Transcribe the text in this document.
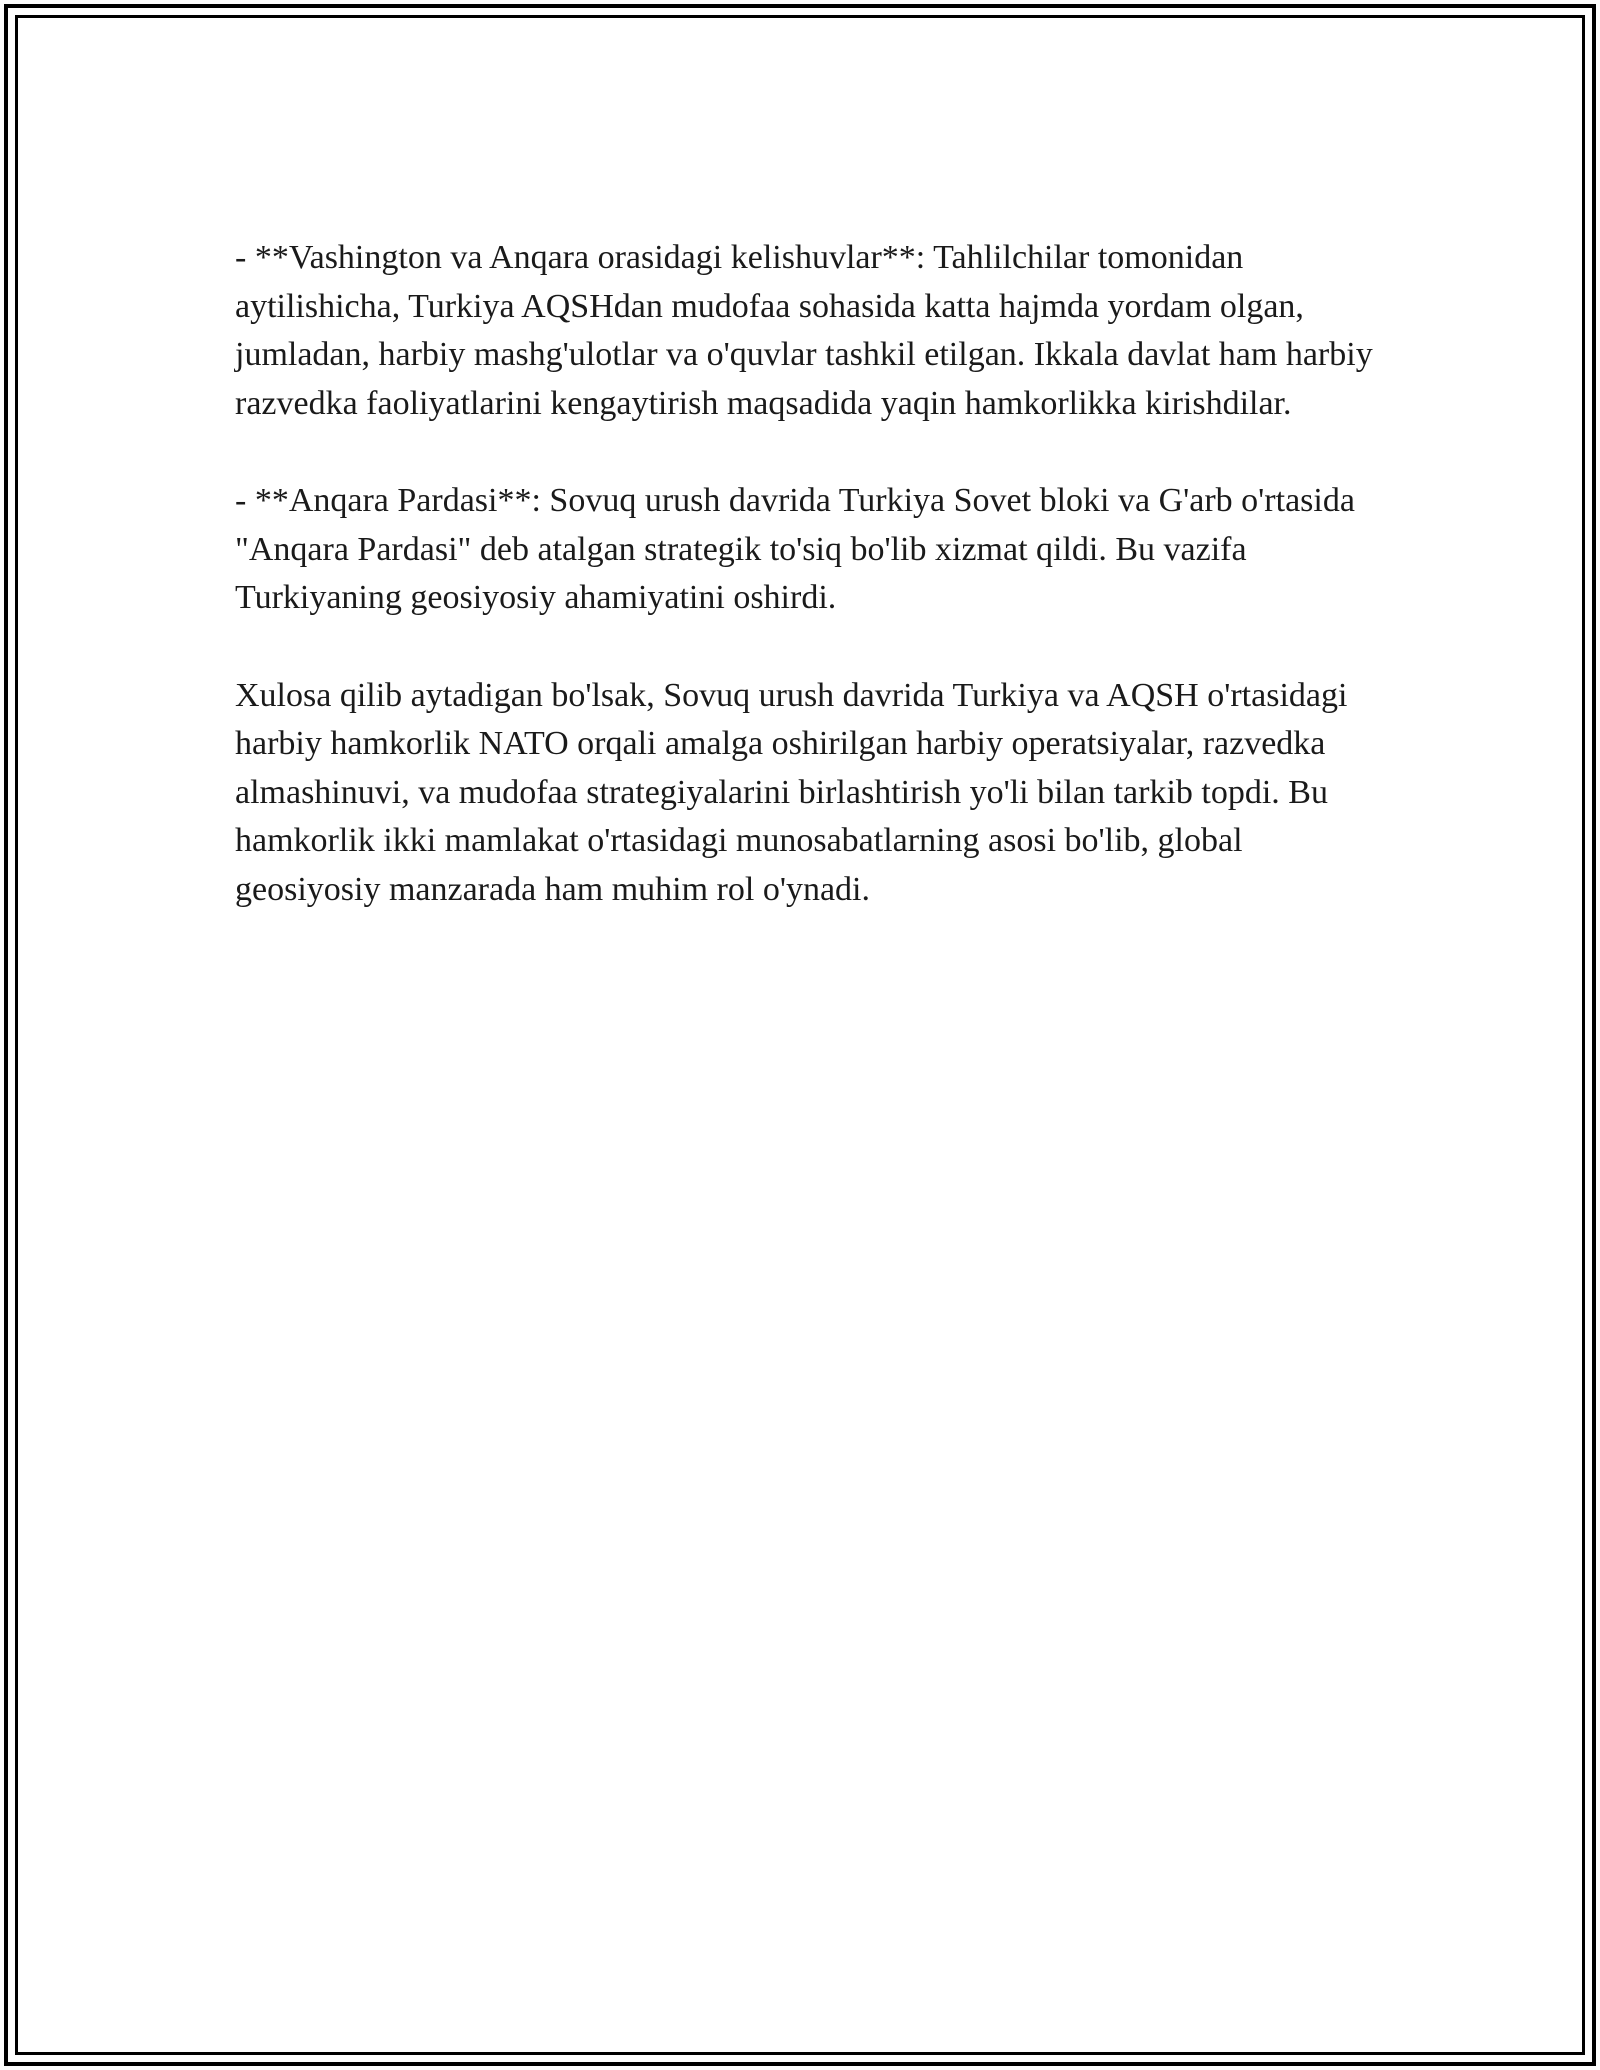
- **Vashington va Anqara orasidagi kelishuvlar**: Tahlilchilar tomonidan aytilishicha, Turkiya AQSHdan mudofaa sohasida katta hajmda yordam olgan, jumladan, harbiy mashg'ulotlar va o'quvlar tashkil etilgan. Ikkala davlat ham harbiy razvedka faoliyatlarini kengaytirish maqsadida yaqin hamkorlikka kirishdilar.

- **Anqara Pardasi**: Sovuq urush davrida Turkiya Sovet bloki va G'arb o'rtasida "Anqara Pardasi" deb atalgan strategik to'siq bo'lib xizmat qildi. Bu vazifa Turkiyaning geosiyosiy ahamiyatini oshirdi.

Xulosa qilib aytadigan bo'lsak, Sovuq urush davrida Turkiya va AQSH o'rtasidagi harbiy hamkorlik NATO orqali amalga oshirilgan harbiy operatsiyalar, razvedka almashinuvi, va mudofaa strategiyalarini birlashtirish yo'li bilan tarkib topdi. Bu hamkorlik ikki mamlakat o'rtasidagi munosabatlarning asosi bo'lib, global geosiyosiy manzarada ham muhim rol o'ynadi.
